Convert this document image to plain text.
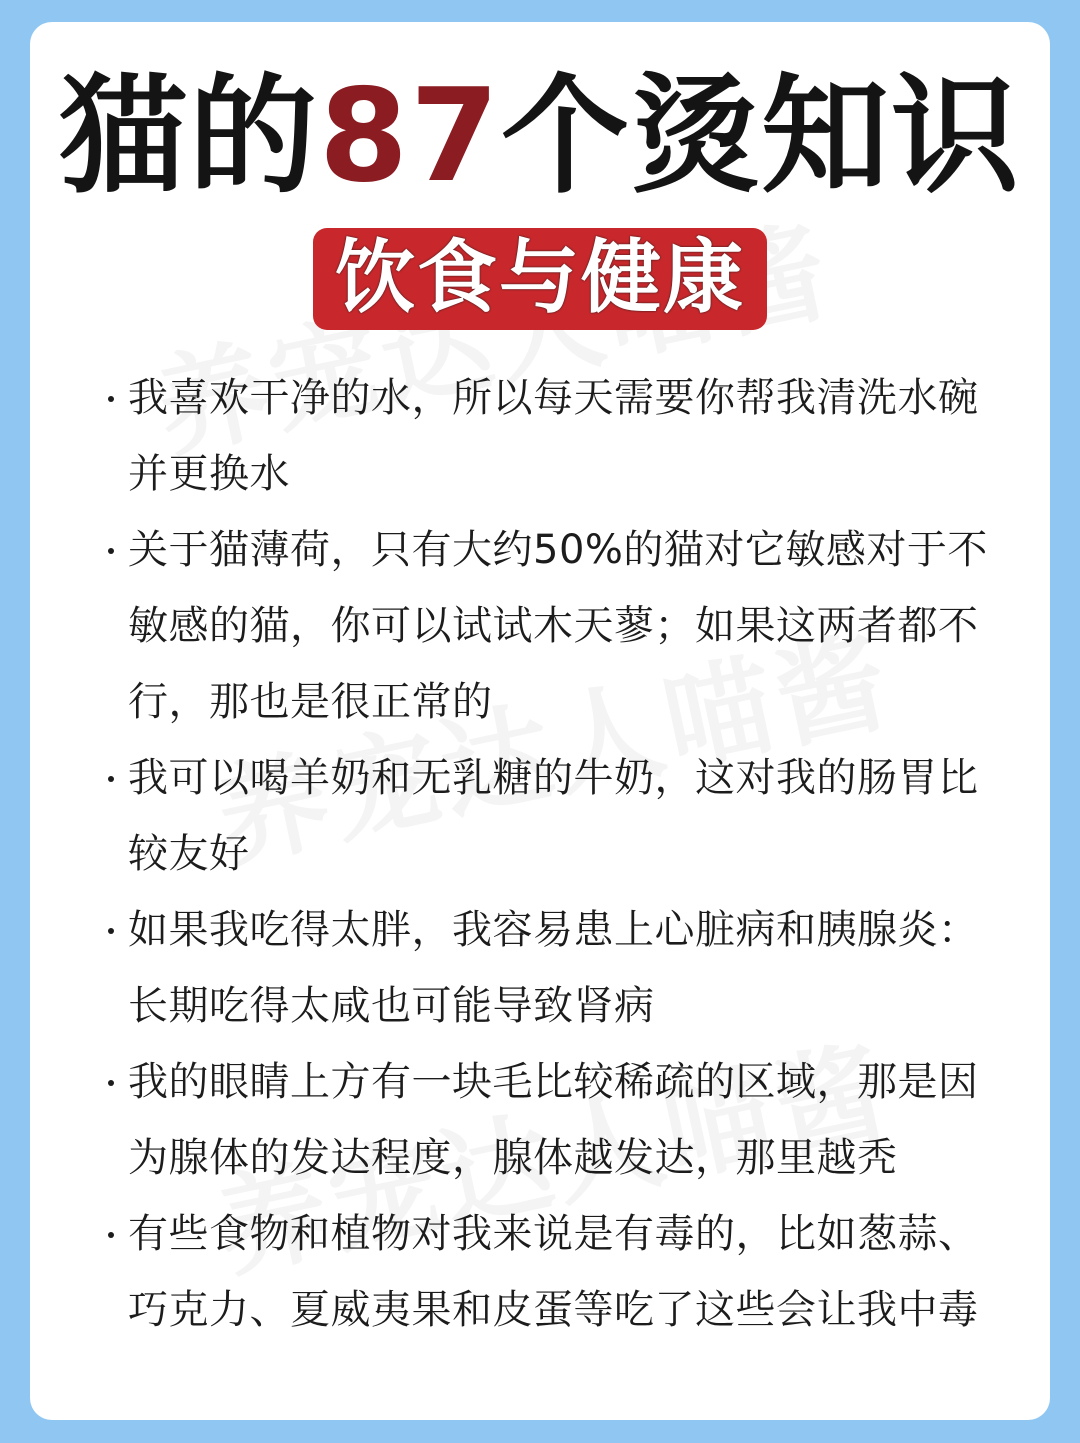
猫的87个烫知识
饮食与健康
我喜欢干净的水，所以每天需要你帮我清洗水碗并更换水
关于猫薄荷，只有大约50%的猫对它敏感对于不敏感的猫，你可以试试木天蓼；如果这两者都不行，那也是很正常的
我可以喝羊奶和无乳糖的牛奶，这对我的肠胃比较友好
如果我吃得太胖，我容易患上心脏病和胰腺炎：长期吃得太咸也可能导致肾病
我的眼睛上方有一块毛比较稀疏的区域，那是因为腺体的发达程度，腺体越发达，那里越秃
有些食物和植物对我来说是有毒的，比如葱蒜、巧克力、夏威夷果和皮蛋等吃了这些会让我中毒
